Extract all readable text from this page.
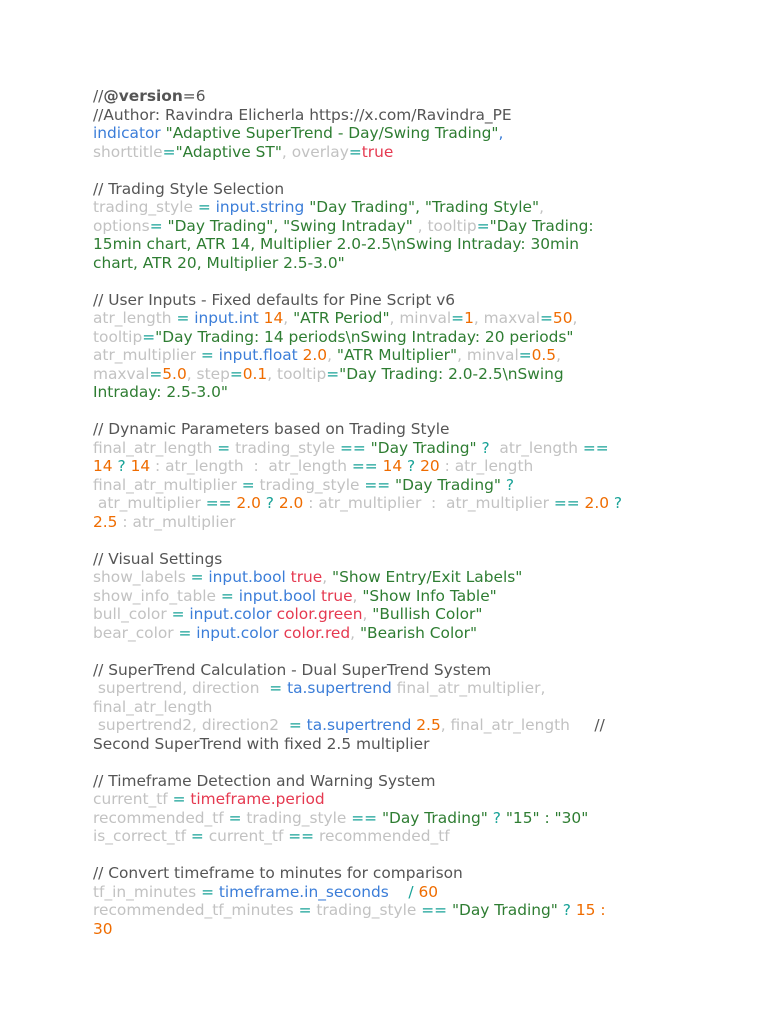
//@version=6
//Author: Ravindra Elicherla https://x.com/Ravindra_PE
indicator "Adaptive SuperTrend - Day/Swing Trading",
shorttitle="Adaptive ST", overlay=true
// Trading Style Selection
trading_style = input.string "Day Trading", "Trading Style",
options= "Day Trading", "Swing Intraday" , tooltip="Day Trading:
15min chart, ATR 14, Multiplier 2.0-2.5\nSwing Intraday: 30min
chart, ATR 20, Multiplier 2.5-3.0"
// User Inputs - Fixed defaults for Pine Script v6
atr_length = input.int 14, "ATR Period", minval=1, maxval=50,
tooltip="Day Trading: 14 periods\nSwing Intraday: 20 periods"
atr_multiplier = input.float 2.0, "ATR Multiplier", minval=0.5,
maxval=5.0, step=0.1, tooltip="Day Trading: 2.0-2.5\nSwing
Intraday: 2.5-3.0"
// Dynamic Parameters based on Trading Style
final_atr_length = trading_style == "Day Trading" ?  atr_length ==
14 ? 14 : atr_length  :  atr_length == 14 ? 20 : atr_length
final_atr_multiplier = trading_style == "Day Trading" ?
atr_multiplier == 2.0 ? 2.0 : atr_multiplier  :  atr_multiplier == 2.0 ?
2.5 : atr_multiplier
// Visual Settings
show_labels = input.bool true, "Show Entry/Exit Labels"
show_info_table = input.bool true, "Show Info Table"
bull_color = input.color color.green, "Bullish Color"
bear_color = input.color color.red, "Bearish Color"
// SuperTrend Calculation - Dual SuperTrend System
supertrend, direction  = ta.supertrend final_atr_multiplier,
final_atr_length
supertrend2, direction2  = ta.supertrend 2.5, final_atr_length     //
Second SuperTrend with fixed 2.5 multiplier
// Timeframe Detection and Warning System
current_tf = timeframe.period
recommended_tf = trading_style == "Day Trading" ? "15" : "30"
is_correct_tf = current_tf == recommended_tf
// Convert timeframe to minutes for comparison
tf_in_minutes = timeframe.in_seconds    / 60
recommended_tf_minutes = trading_style == "Day Trading" ? 15 :
30
